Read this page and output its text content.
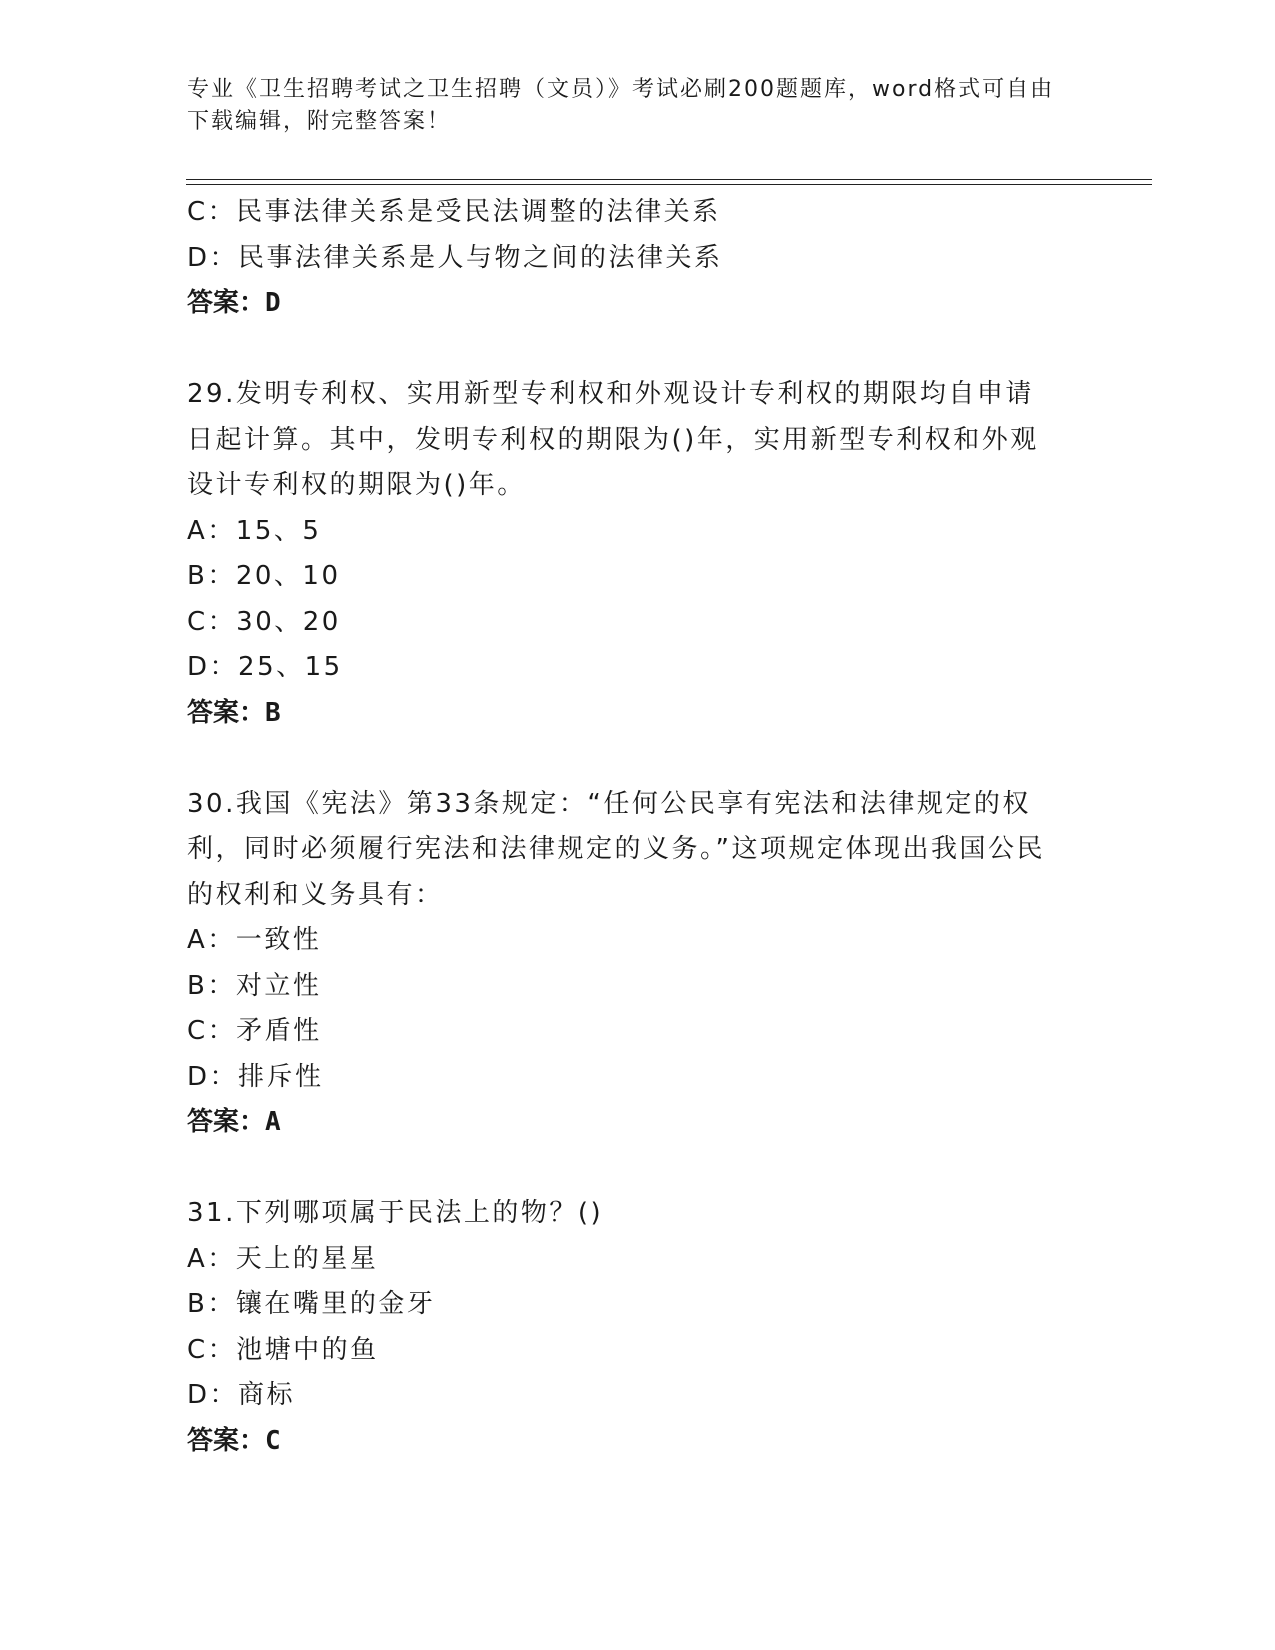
专业《卫生招聘考试之卫生招聘（文员）》考试必刷200题题库，word格式可自由下载编辑，附完整答案！
C：民事法律关系是受民法调整的法律关系
D：民事法律关系是人与物之间的法律关系
答案：D
29.发明专利权、实用新型专利权和外观设计专利权的期限均自申请日起计算。其中，发明专利权的期限为()年，实用新型专利权和外观设计专利权的期限为()年。
A：15、5
B：20、10
C：30、20
D：25、15
答案：B
30.我国《宪法》第33条规定：“任何公民享有宪法和法律规定的权利，同时必须履行宪法和法律规定的义务。”这项规定体现出我国公民的权利和义务具有：
A：一致性
B：对立性
C：矛盾性
D：排斥性
答案：A
31.下列哪项属于民法上的物？()
A：天上的星星
B：镶在嘴里的金牙
C：池塘中的鱼
D：商标
答案：C
